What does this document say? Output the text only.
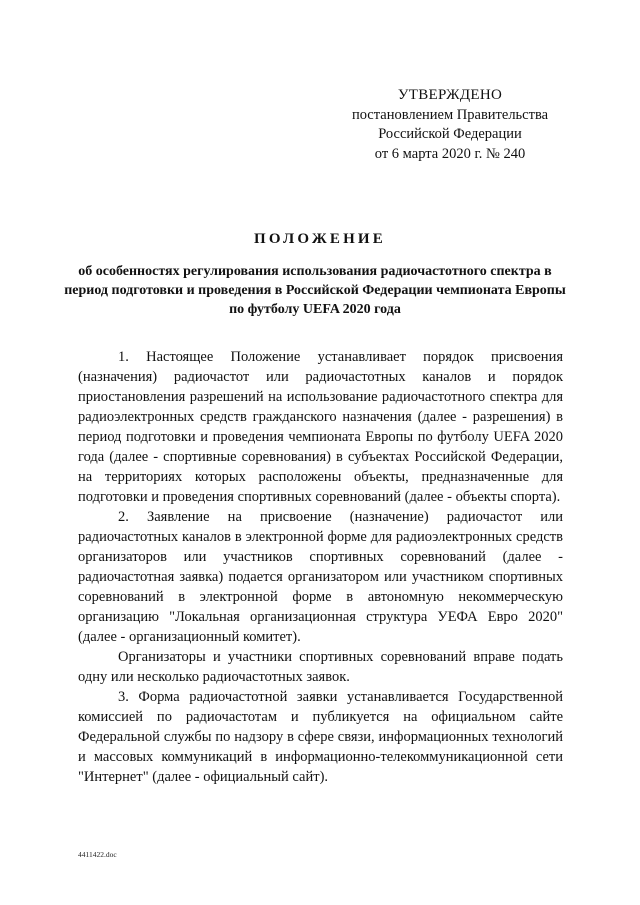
УТВЕРЖДЕНО
постановлением Правительства
Российской Федерации
от 6 марта 2020 г. № 240
ПОЛОЖЕНИЕ
об особенностях регулирования использования радиочастотного спектра в период подготовки и проведения в Российской Федерации чемпионата Европы по футболу UEFA 2020 года

1. Настоящее Положение устанавливает порядок присвоения (назначения) радиочастот или радиочастотных каналов и порядок приостановления разрешений на использование радиочастотного спектра для радиоэлектронных средств гражданского назначения (далее - разрешения) в период подготовки и проведения чемпионата Европы по футболу UEFA 2020 года (далее - спортивные соревнования) в субъектах Российской Федерации, на территориях которых расположены объекты, предназначенные для подготовки и проведения спортивных соревнований (далее - объекты спорта).

2. Заявление на присвоение (назначение) радиочастот или радиочастотных каналов в электронной форме для радиоэлектронных средств организаторов или участников спортивных соревнований (далее - радиочастотная заявка) подается организатором или участником спортивных соревнований в электронной форме в автономную некоммерческую организацию "Локальная организационная структура УЕФА Евро 2020" (далее - организационный комитет).

Организаторы и участники спортивных соревнований вправе подать одну или несколько радиочастотных заявок.

3. Форма радиочастотной заявки устанавливается Государственной комиссией по радиочастотам и публикуется на официальном сайте Федеральной службы по надзору в сфере связи, информационных технологий и массовых коммуникаций в информационно-телекоммуникационной сети "Интернет" (далее - официальный сайт).

4411422.doc
